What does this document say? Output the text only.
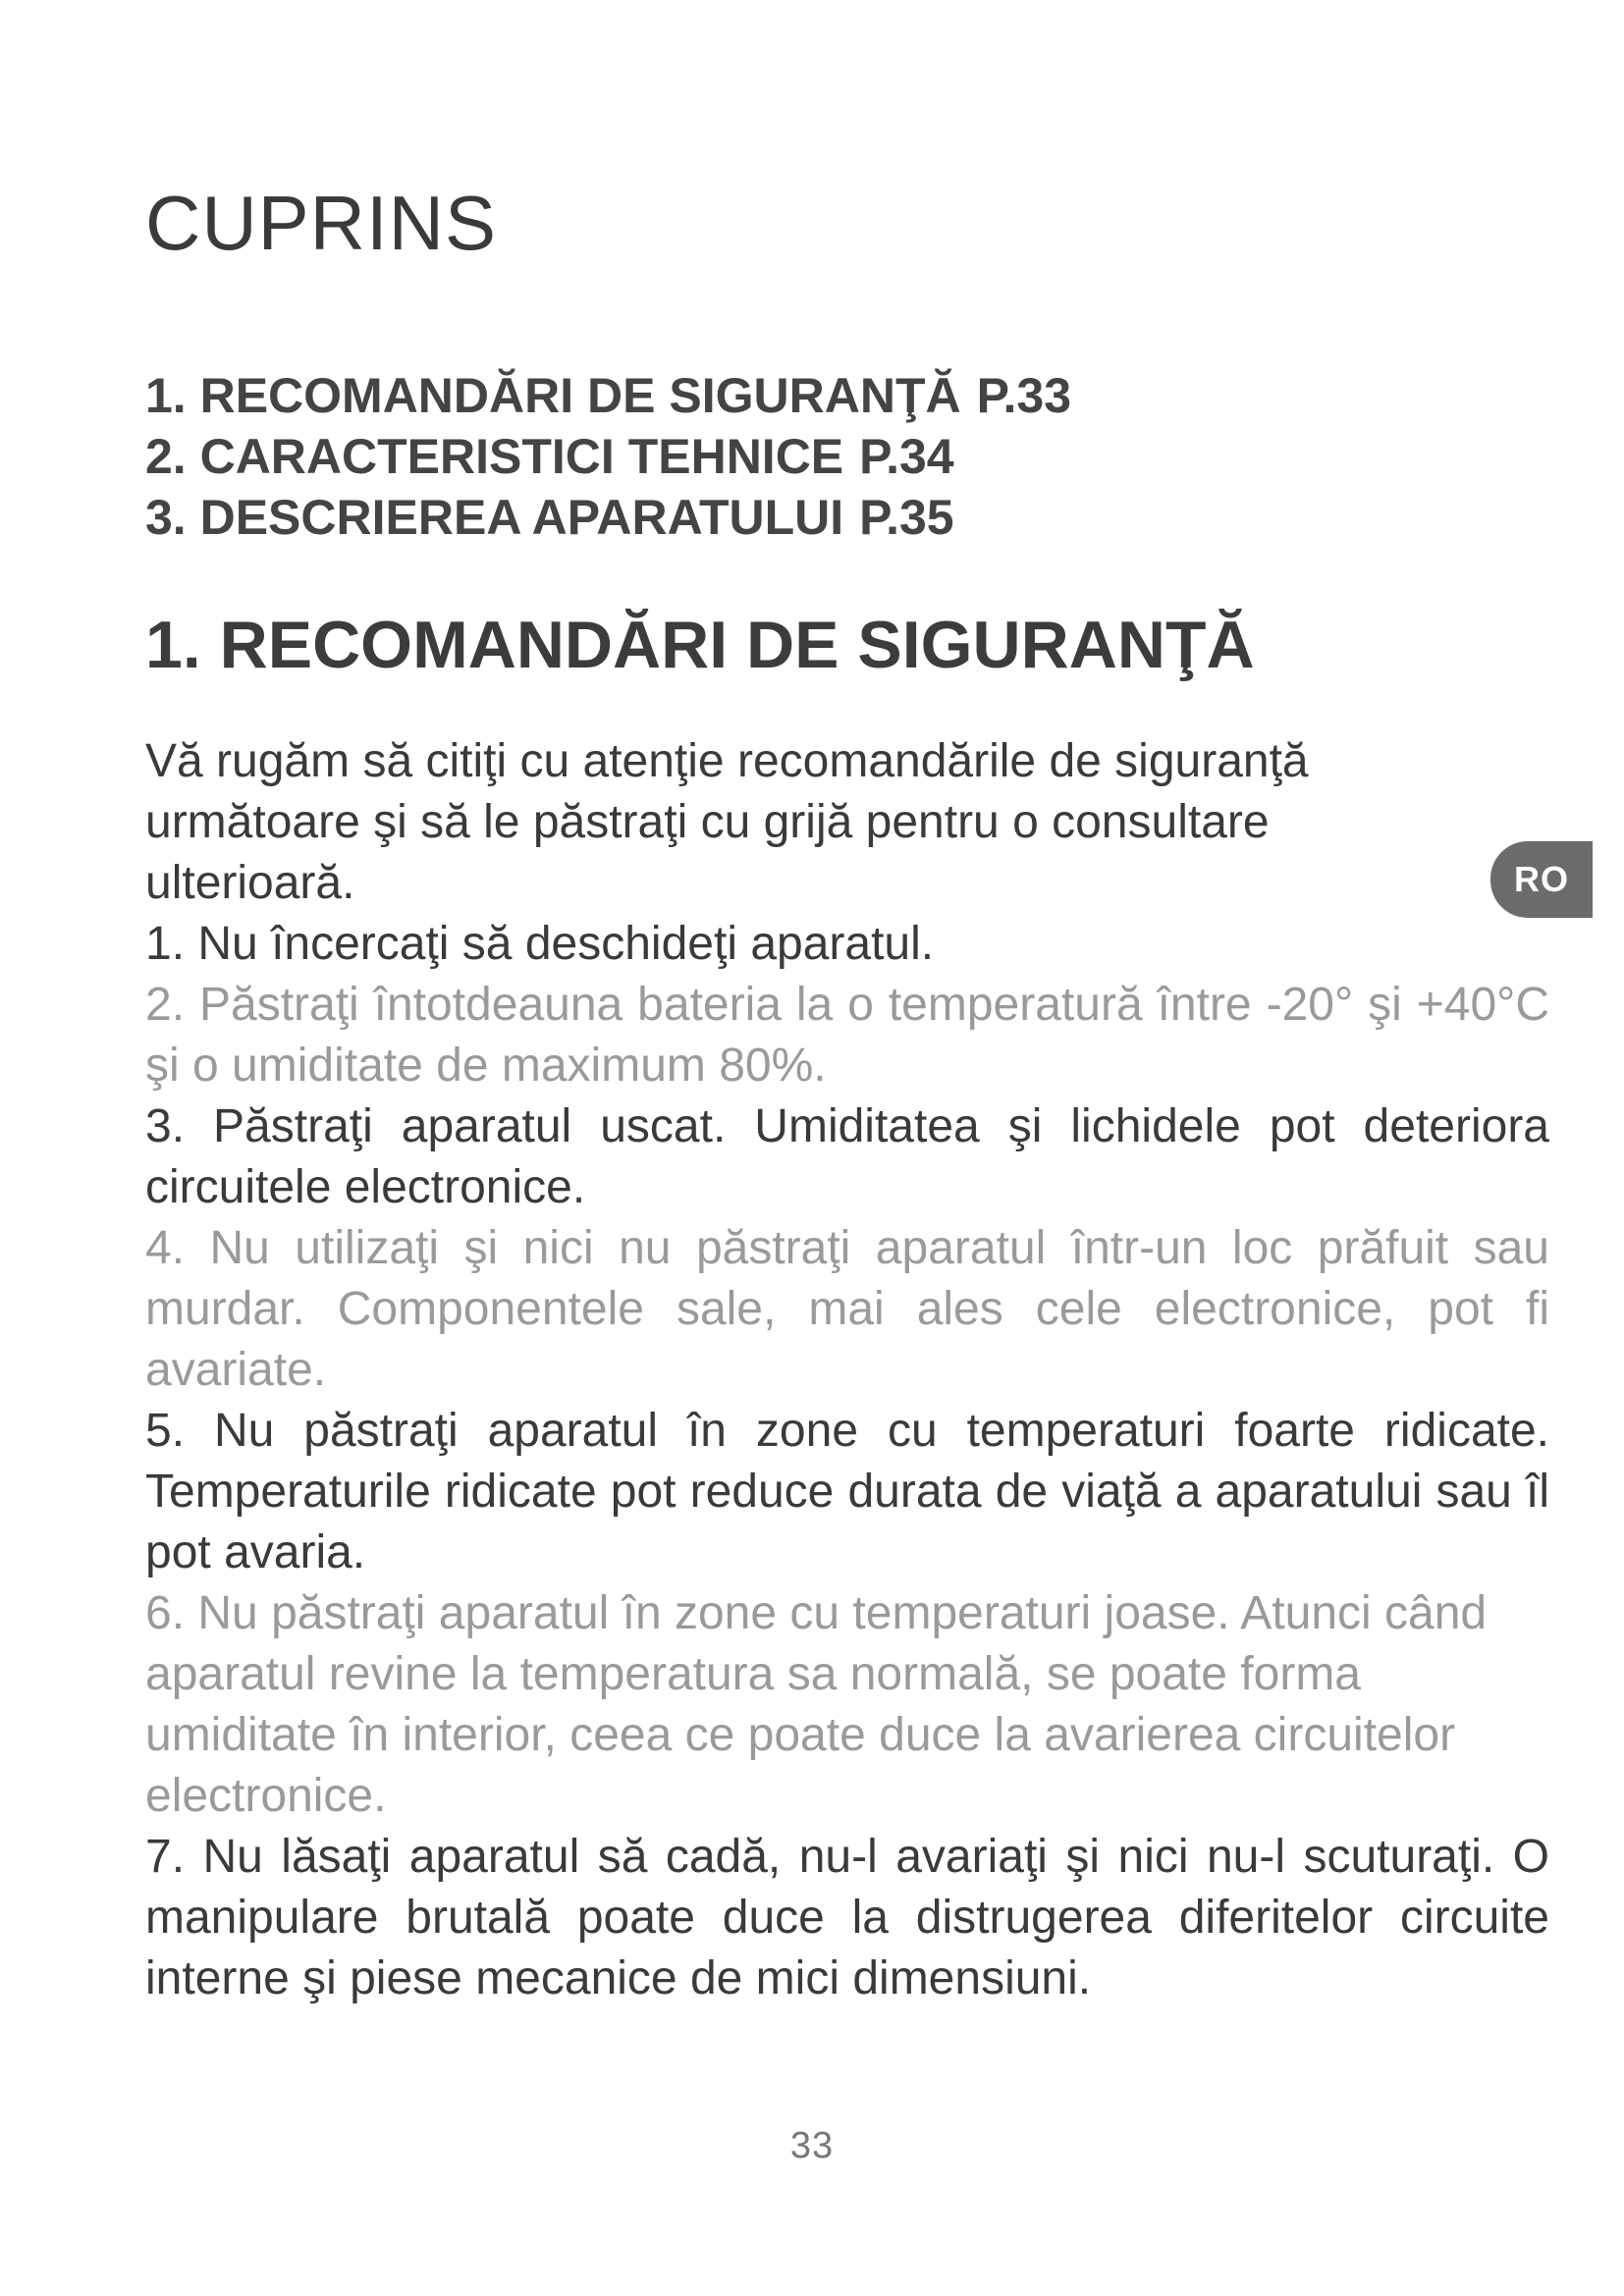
CUPRINS
1. RECOMANDĂRI DE SIGURANŢĂ P.33
2. CARACTERISTICI TEHNICE P.34
3. DESCRIEREA APARATULUI P.35
1. RECOMANDĂRI DE SIGURANŢĂ

Vă rugăm să citiţi cu atenţie recomandările de siguranţă următoare şi să le păstraţi cu grijă pentru o consultare ulterioară.

1. Nu încercaţi să deschideţi aparatul.

2. Păstraţi întotdeauna bateria la o temperatură între -20° şi +40°C şi o umiditate de maximum 80%.

3. Păstraţi aparatul uscat. Umiditatea şi lichidele pot deteriora circuitele electronice.

4. Nu utilizaţi şi nici nu păstraţi aparatul într-un loc prăfuit sau murdar. Componentele sale, mai ales cele electronice, pot fi avariate.

5. Nu păstraţi aparatul în zone cu temperaturi foarte ridicate. Temperaturile ridicate pot reduce durata de viaţă a aparatului sau îl pot avaria.

6. Nu păstraţi aparatul în zone cu temperaturi joase. Atunci când aparatul revine la temperatura sa normală, se poate forma umiditate în interior, ceea ce poate duce la avarierea circuitelor electronice.

7. Nu lăsaţi aparatul să cadă, nu-l avariaţi şi nici nu-l scuturaţi. O manipulare brutală poate duce la distrugerea diferitelor circuite interne şi piese mecanice de mici dimensiuni.

RO
33
